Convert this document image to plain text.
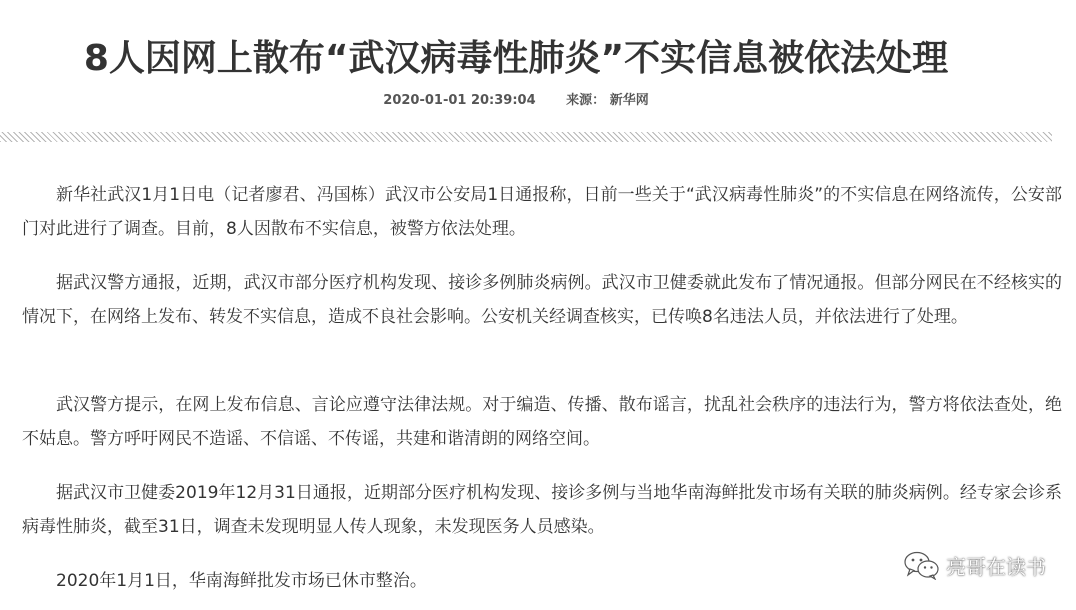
8人因网上散布“武汉病毒性肺炎”不实信息被依法处理
2020-01-01 20:39:04 来源： 新华网

新华社武汉1月1日电（记者廖君、冯国栋）武汉市公安局1日通报称，日前一些关于“武汉病毒性肺炎”的不实信息在网络流传，公安部门对此进行了调查。目前，8人因散布不实信息，被警方依法处理。

据武汉警方通报，近期，武汉市部分医疗机构发现、接诊多例肺炎病例。武汉市卫健委就此发布了情况通报。但部分网民在不经核实的情况下，在网络上发布、转发不实信息，造成不良社会影响。公安机关经调查核实，已传唤8名违法人员，并依法进行了处理。

武汉警方提示，在网上发布信息、言论应遵守法律法规。对于编造、传播、散布谣言，扰乱社会秩序的违法行为，警方将依法查处，绝不姑息。警方呼吁网民不造谣、不信谣、不传谣，共建和谐清朗的网络空间。

据武汉市卫健委2019年12月31日通报，近期部分医疗机构发现、接诊多例与当地华南海鲜批发市场有关联的肺炎病例。经专家会诊系病毒性肺炎，截至31日，调查未发现明显人传人现象，未发现医务人员感染。

2020年1月1日，华南海鲜批发市场已休市整治。

亮哥在读书
